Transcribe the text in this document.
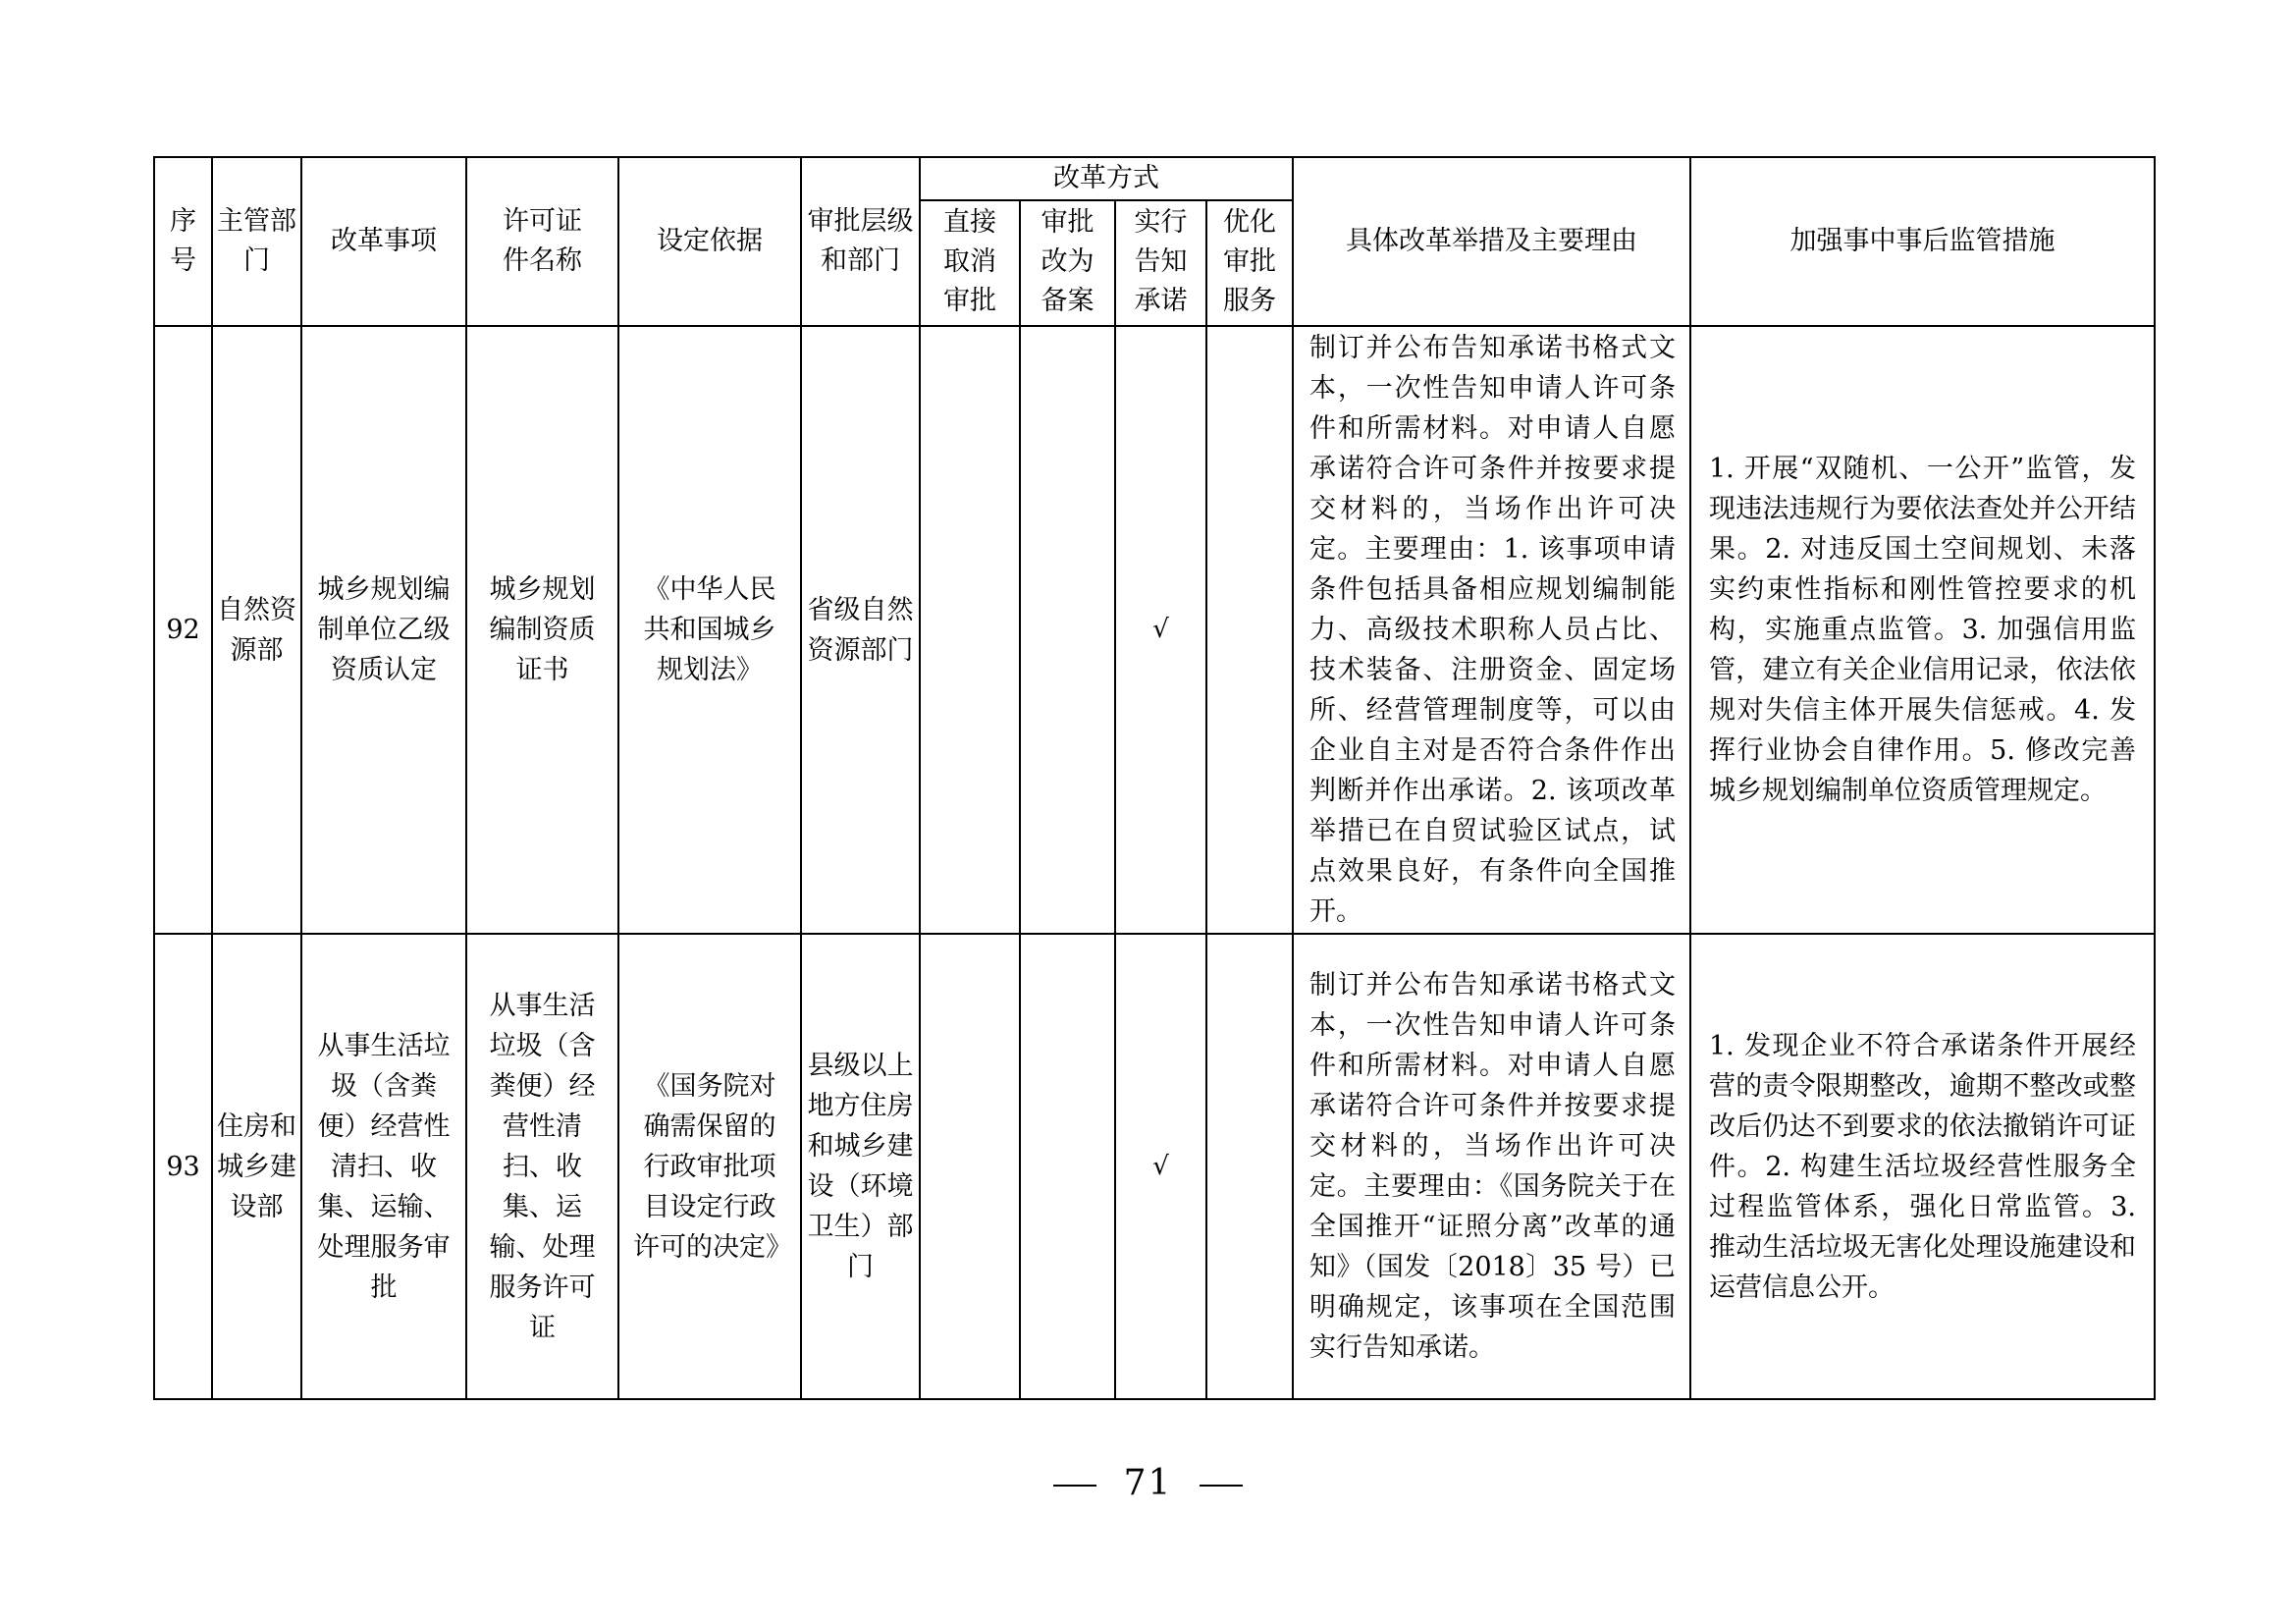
序号	主管部门	改革事项	许可证件名称	设定依据	审批层级和部门	改革方式				具体改革举措及主要理由	加强事中事后监管措施

						直接取消审批	审批改为备案	实行告知承诺	优化审批服务		

92	自然资源部	城乡规划编制单位乙级资质认定	城乡规划编制资质证书	《中华人民共和国城乡规划法》	省级自然资源部门			√		制订并公布告知承诺书格式文本，一次性告知申请人许可条件和所需材料。对申请人自愿承诺符合许可条件并按要求提交材料的，当场作出许可决定。主要理由：1. 该事项申请条件包括具备相应规划编制能力、高级技术职称人员占比、技术装备、注册资金、固定场所、经营管理制度等，可以由企业自主对是否符合条件作出判断并作出承诺。2. 该项改革举措已在自贸试验区试点，试点效果良好，有条件向全国推开。	1. 开展“双随机、一公开”监管，发现违法违规行为要依法查处并公开结果。2. 对违反国土空间规划、未落实约束性指标和刚性管控要求的机构，实施重点监管。3. 加强信用监管，建立有关企业信用记录，依法依规对失信主体开展失信惩戒。4. 发挥行业协会自律作用。5. 修改完善城乡规划编制单位资质管理规定。

93	住房和城乡建设部	从事生活垃圾（含粪便）经营性清扫、收集、运输、处理服务审批	从事生活垃圾（含粪便）经营性清扫、收集、运输、处理服务许可证	《国务院对确需保留的行政审批项目设定行政许可的决定》	县级以上地方住房和城乡建设（环境卫生）部门			√		制订并公布告知承诺书格式文本，一次性告知申请人许可条件和所需材料。对申请人自愿承诺符合许可条件并按要求提交材料的，当场作出许可决定。主要理由：《国务院关于在全国推开“证照分离”改革的通知》（国发〔2018〕35 号）已明确规定，该事项在全国范围实行告知承诺。	1. 发现企业不符合承诺条件开展经营的责令限期整改，逾期不整改或整改后仍达不到要求的依法撤销许可证件。2. 构建生活垃圾经营性服务全过程监管体系，强化日常监管。3. 推动生活垃圾无害化处理设施建设和运营信息公开。
71
